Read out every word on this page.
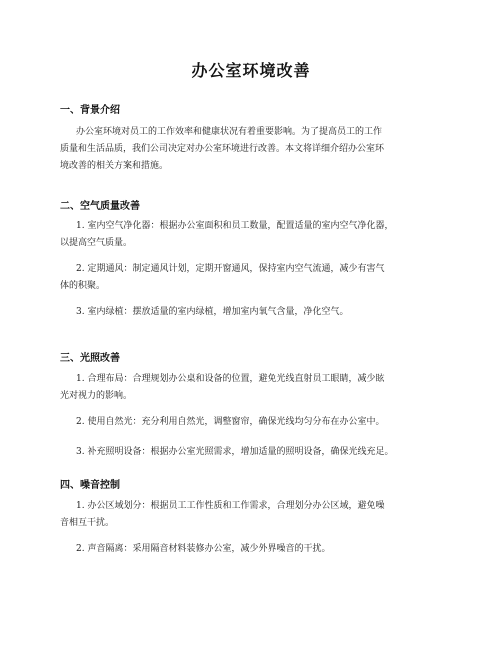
办公室环境改善
一、背景介绍
办公室环境对员工的工作效率和健康状况有着重要影响。为了提高员工的工作
质量和生活品质，我们公司决定对办公室环境进行改善。本文将详细介绍办公室环
境改善的相关方案和措施。
二、空气质量改善
1. 室内空气净化器：根据办公室面积和员工数量，配置适量的室内空气净化器，
以提高空气质量。
2. 定期通风：制定通风计划，定期开窗通风，保持室内空气流通，减少有害气
体的积聚。
3. 室内绿植：摆放适量的室内绿植，增加室内氧气含量，净化空气。
三、光照改善
1. 合理布局：合理规划办公桌和设备的位置，避免光线直射员工眼睛，减少眩
光对视力的影响。
2. 使用自然光：充分利用自然光，调整窗帘，确保光线均匀分布在办公室中。
3. 补充照明设备：根据办公室光照需求，增加适量的照明设备，确保光线充足。
四、噪音控制
1. 办公区域划分：根据员工工作性质和工作需求，合理划分办公区域，避免噪
音相互干扰。
2. 声音隔离：采用隔音材料装修办公室，减少外界噪音的干扰。
